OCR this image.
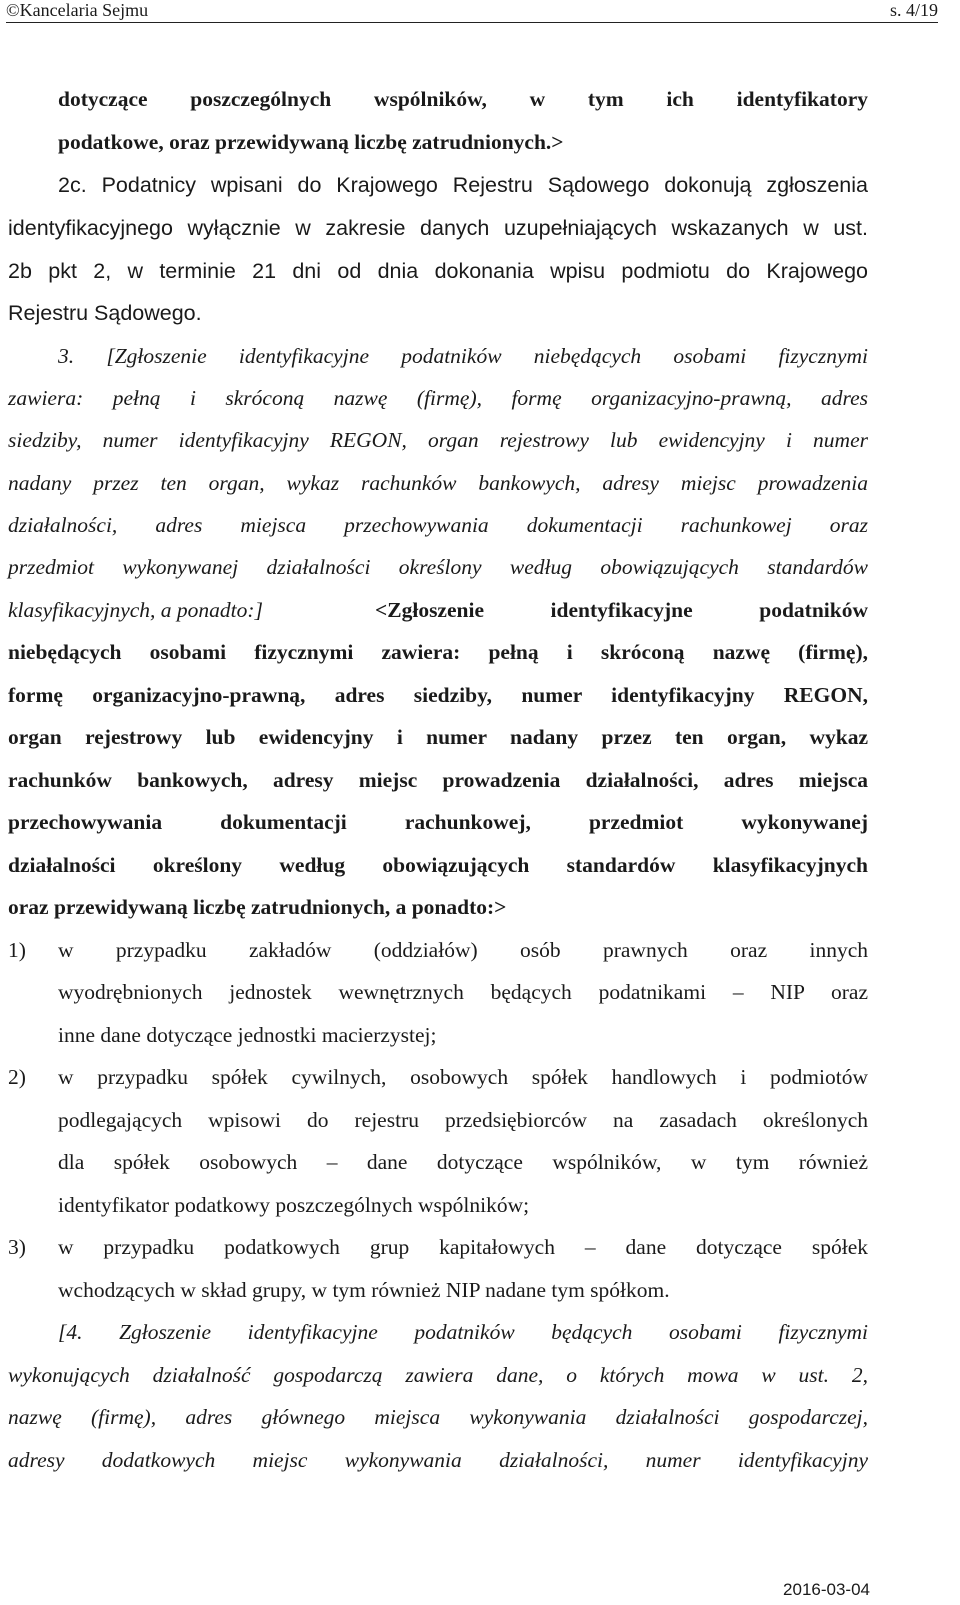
©Kancelaria Sejmu	s. 4/19
dotyczące poszczególnych wspólników, w tym ich identyfikatory
podatkowe, oraz przewidywaną liczbę zatrudnionych.>
2c. Podatnicy wpisani do Krajowego Rejestru Sądowego dokonują zgłoszenia
identyfikacyjnego wyłącznie w zakresie danych uzupełniających wskazanych w ust.
2b pkt 2, w terminie 21 dni od dnia dokonania wpisu podmiotu do Krajowego
Rejestru Sądowego.
3. [Zgłoszenie identyfikacyjne podatników niebędących osobami fizycznymi
zawiera: pełną i skróconą nazwę (firmę), formę organizacyjno-prawną, adres
siedziby, numer identyfikacyjny REGON, organ rejestrowy lub ewidencyjny i numer
nadany przez ten organ, wykaz rachunków bankowych, adresy miejsc prowadzenia
działalności, adres miejsca przechowywania dokumentacji rachunkowej oraz
przedmiot wykonywanej działalności określony według obowiązujących standardów
klasyfikacyjnych, a ponadto:]	<Zgłoszenie identyfikacyjne podatników
niebędących osobami fizycznymi zawiera: pełną i skróconą nazwę (firmę),
formę organizacyjno-prawną, adres siedziby, numer identyfikacyjny REGON,
organ rejestrowy lub ewidencyjny i numer nadany przez ten organ, wykaz
rachunków bankowych, adresy miejsc prowadzenia działalności, adres miejsca
przechowywania dokumentacji rachunkowej, przedmiot wykonywanej
działalności określony według obowiązujących standardów klasyfikacyjnych
oraz przewidywaną liczbę zatrudnionych, a ponadto:>
1) w przypadku zakładów (oddziałów) osób prawnych oraz innych
wyodrębnionych jednostek wewnętrznych będących podatnikami – NIP oraz
inne dane dotyczące jednostki macierzystej;
2) w przypadku spółek cywilnych, osobowych spółek handlowych i podmiotów
podlegających wpisowi do rejestru przedsiębiorców na zasadach określonych
dla spółek osobowych – dane dotyczące wspólników, w tym również
identyfikator podatkowy poszczególnych wspólników;
3) w przypadku podatkowych grup kapitałowych – dane dotyczące spółek
wchodzących w skład grupy, w tym również NIP nadane tym spółkom.
[4. Zgłoszenie identyfikacyjne podatników będących osobami fizycznymi
wykonujących działalność gospodarczą zawiera dane, o których mowa w ust. 2,
nazwę (firmę), adres głównego miejsca wykonywania działalności gospodarczej,
adresy dodatkowych miejsc wykonywania działalności, numer identyfikacyjny
2016-03-04
